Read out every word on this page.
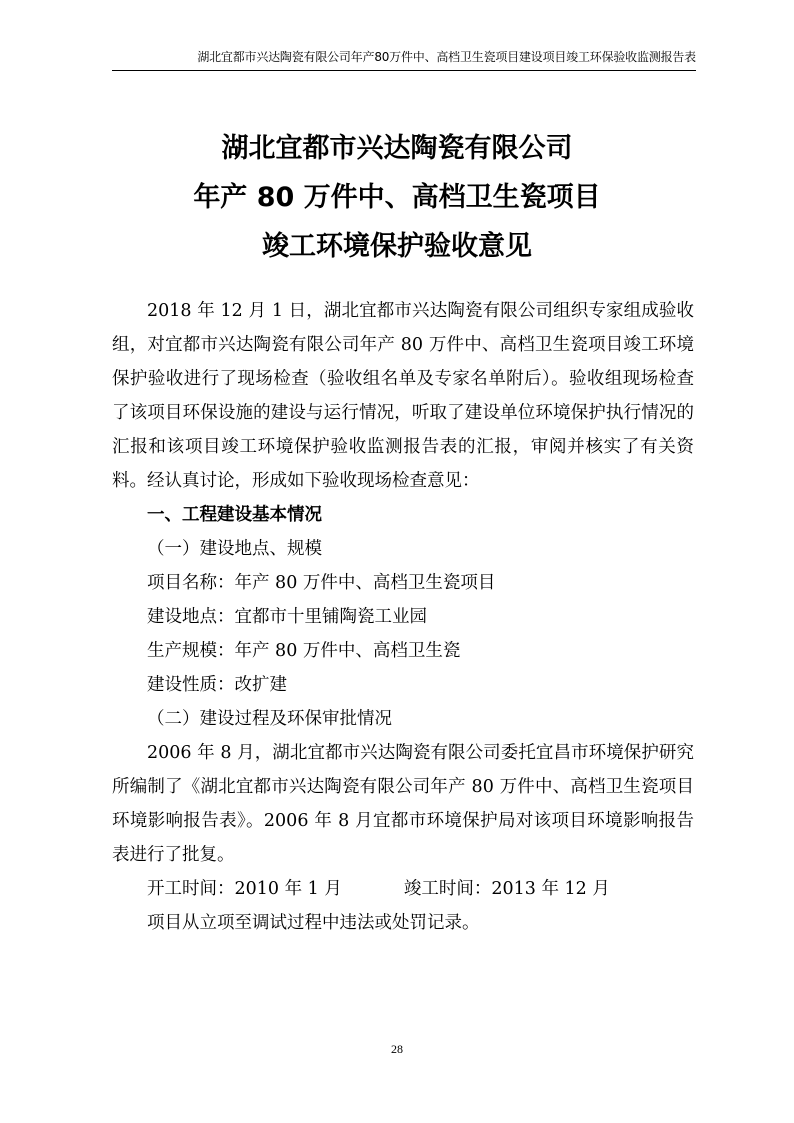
湖北宜都市兴达陶瓷有限公司年产80万件中、高档卫生瓷项目建设项目竣工环保验收监测报告表
湖北宜都市兴达陶瓷有限公司
年产 80 万件中、高档卫生瓷项目
竣工环境保护验收意见

2018 年 12 月 1 日，湖北宜都市兴达陶瓷有限公司组织专家组成验收组，对宜都市兴达陶瓷有限公司年产 80 万件中、高档卫生瓷项目竣工环境保护验收进行了现场检查（验收组名单及专家名单附后）。验收组现场检查了该项目环保设施的建设与运行情况，听取了建设单位环境保护执行情况的汇报和该项目竣工环境保护验收监测报告表的汇报，审阅并核实了有关资料。经认真讨论，形成如下验收现场检查意见：

一、工程建设基本情况

（一）建设地点、规模

项目名称：年产 80 万件中、高档卫生瓷项目

建设地点：宜都市十里铺陶瓷工业园

生产规模：年产 80 万件中、高档卫生瓷

建设性质：改扩建

（二）建设过程及环保审批情况

2006 年 8 月，湖北宜都市兴达陶瓷有限公司委托宜昌市环境保护研究所编制了《湖北宜都市兴达陶瓷有限公司年产 80 万件中、高档卫生瓷项目环境影响报告表》。2006 年 8 月宜都市环境保护局对该项目环境影响报告表进行了批复。

开工时间：2010 年 1 月	竣工时间：2013 年 12 月

项目从立项至调试过程中违法或处罚记录。

28
